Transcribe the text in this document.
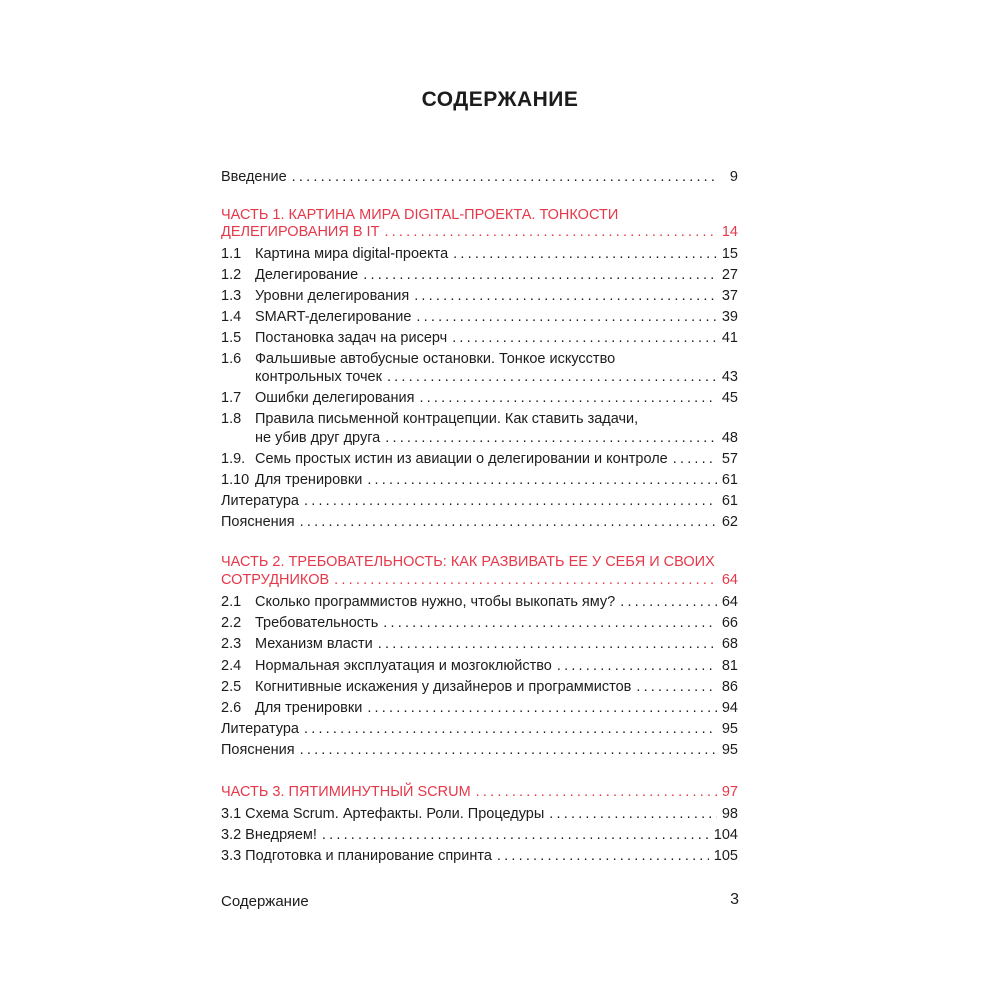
СОДЕРЖАНИЕ
Введение .....	9
ЧАСТЬ 1. КАРТИНА МИРА DIGITAL-ПРОЕКТА. ТОНКОСТИ
ДЕЛЕГИРОВАНИЯ В IT .....	14
1.1 Картина мира digital-проекта .....	15
1.2 Делегирование .....	27
1.3 Уровни делегирования .....	37
1.4 SMART-делегирование .....	39
1.5 Постановка задач на рисерч .....	41
1.6 Фальшивые автобусные остановки. Тонкое искусство
контрольных точек .....	43
1.7 Ошибки делегирования .....	45
1.8 Правила письменной контрацепции. Как ставить задачи,
не убив друг друга .....	48
1.9. Семь простых истин из авиации о делегировании и контроле .....	57
1.10 Для тренировки .....	61
Литература .....	61
Пояснения .....	62
ЧАСТЬ 2. ТРЕБОВАТЕЛЬНОСТЬ: КАК РАЗВИВАТЬ ЕЕ У СЕБЯ И СВОИХ
СОТРУДНИКОВ .....	64
2.1 Сколько программистов нужно, чтобы выкопать яму? .....	64
2.2 Требовательность .....	66
2.3 Механизм власти .....	68
2.4 Нормальная эксплуатация и мозгоклюйство .....	81
2.5 Когнитивные искажения у дизайнеров и программистов .....	86
2.6 Для тренировки .....	94
Литература .....	95
Пояснения .....	95
ЧАСТЬ 3. ПЯТИМИНУТНЫЙ SCRUM .....	97
3.1 Схема Scrum. Артефакты. Роли. Процедуры .....	98
3.2 Внедряем! .....	104
3.3 Подготовка и планирование спринта .....	105
Содержание	3
